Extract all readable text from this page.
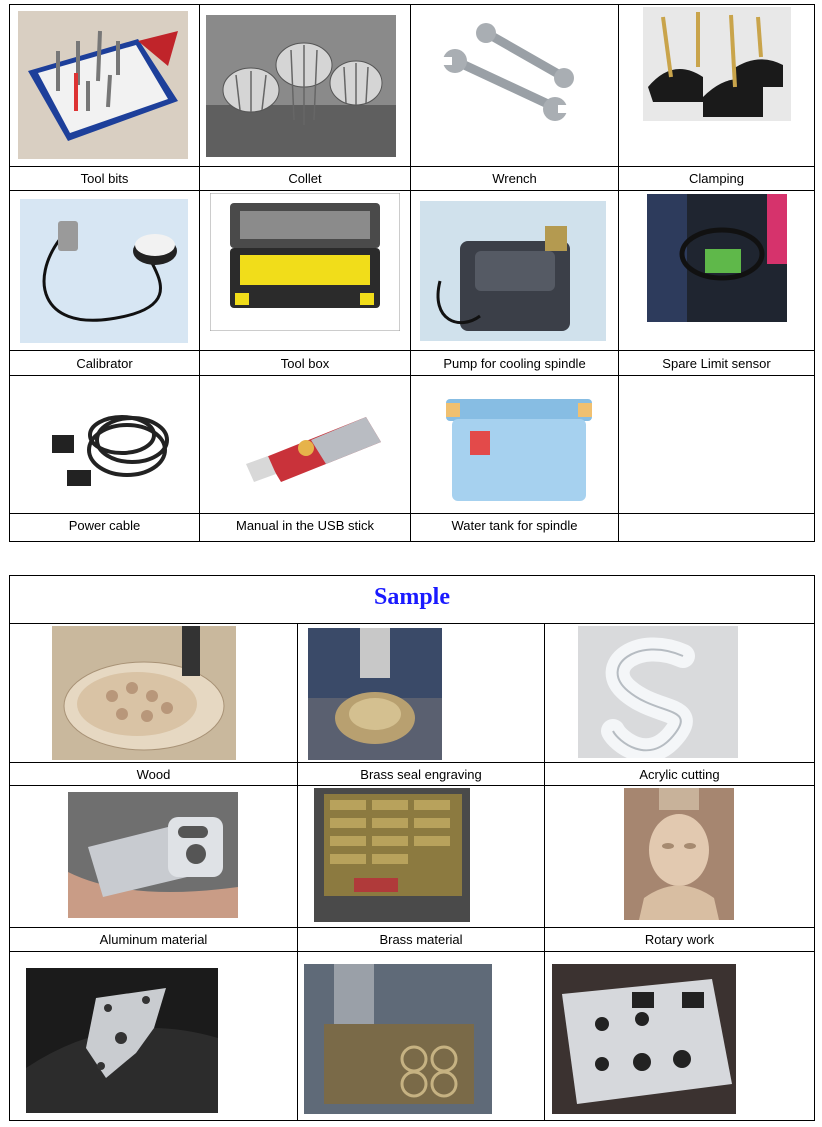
Tool bits	Collet	Wrench	Clamping
Calibrator	Tool box	Pump for cooling spindle	Spare Limit sensor
Power cable	Manual in the USB stick	Water tank for spindle
Sample
Wood	Brass seal engraving	Acrylic cutting
Aluminum material	Brass material	Rotary work
